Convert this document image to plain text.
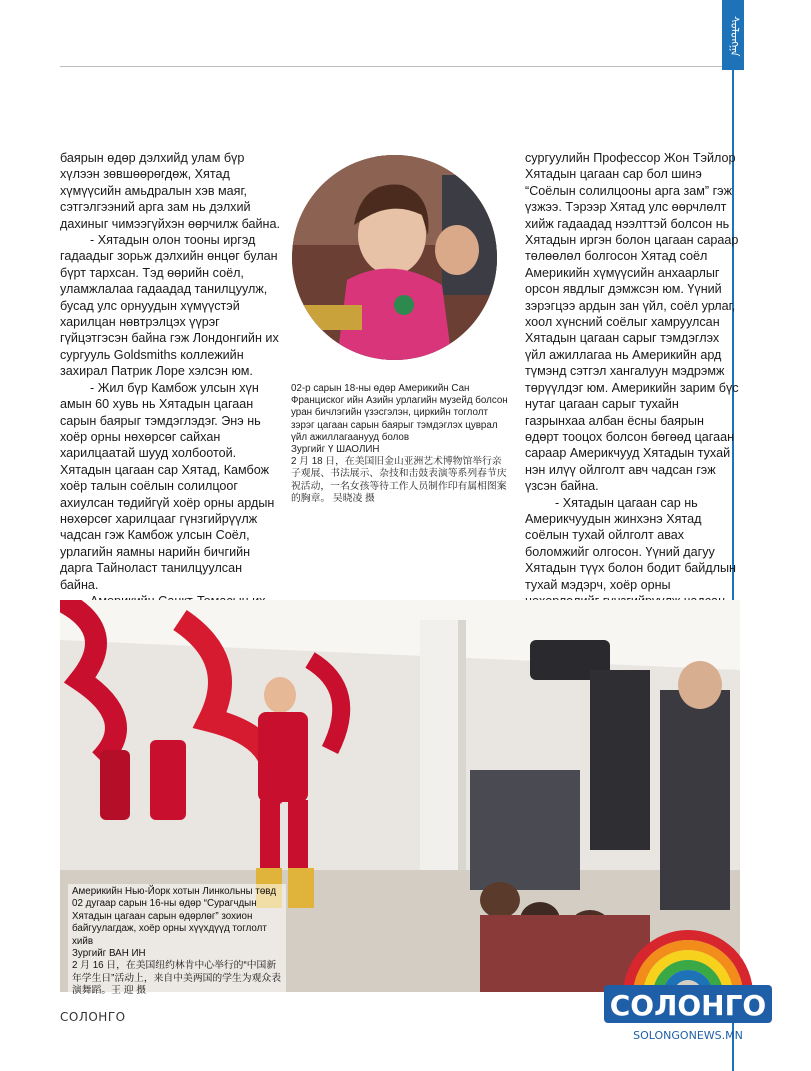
ᠰᠣᠯᠣᠩᠭ᠋ᠠ

баярын өдөр дэлхийд улам бүр хүлээн зөвшөөрөгдөж, Хятад хүмүүсийн амьдралын хэв маяг, сэтгэлгээний арга зам нь дэлхий дахиныг чимээгүйхэн өөрчилж байна.

- Хятадын олон тооны иргэд гадаадыг зорьж дэлхийн өнцөг булан бүрт тархсан. Тэд өөрийн соёл, уламжлалаа гадаадад танилцуулж, бусад улс орнуудын хүмүүстэй харилцан нөвтрэлцэх үүрэг гүйцэтгэсэн байна гэж Лондонгийн их сургууль Goldsmiths коллежийн захирал Патрик Лоре хэлсэн юм.

- Жил бүр Камбож улсын хүн амын 60 хувь нь Хятадын цагаан сарын баярыг тэмдэглэдэг. Энэ нь хоёр орны нөхөрсөг сайхан харилцаатай шууд холбоотой. Хятадын цагаан сар Хятад, Камбож хоёр талын соёлын солилцоог ахиулсан төдийгүй хоёр орны ардын нөхөрсөг харилцааг гүнзгийрүүлж чадсан гэж Камбож улсын Соёл, урлагийн яамны нарийн бичгийн дарга Тайноласт танилцуулсан байна.

02-р сарын 18-ны өдөр Америкийн Сан Франциског ийн Азийн урлагийн музейд болсон уран бичлэгийн үзэсгэлэн, циркийн тоглолт зэрэг цагаан сарын баярыг тэмдэглэх цуврал үйл ажиллагаанууд болов

Зургийг Ү ШАОЛИН

2 月 18 日，在美国旧金山亚洲艺术博物馆举行亲子观展、书法展示、杂技和击鼓表演等系列春节庆祝活动，一名女孩等待工作人员制作印有属相图案的胸章。 吴晓凌 摄

сургуулийн Профессор Жон Тэйлор Хятадын цагаан сар бол шинэ “Соёлын солилцооны арга зам” гэж үзжээ. Тэрээр Хятад улс өөрчлөлт хийж гадаадад нээлттэй болсон нь Хятадын иргэн болон цагаан сараар төлөөлөл болгосон Хятад соёл Америкийн хүмүүсийн анхаарлыг орсон явдлыг дэмжсэн юм. Үүний зэрэгцээ ардын зан үйл, соёл урлаг, хоол хүнсний соёлыг хамруулсан Хятадын цагаан сарыг тэмдэглэх үйл ажиллагаа нь Америкийн ард түмэнд сэтгэл хангалуун мэдрэмж төрүүлдэг юм. Америкийн зарим бүс нутаг цагаан сарыг тухайн газрынхаа албан ёсны баярын өдөрт тооцох болсон бөгөөд цагаан сараар Америкчууд Хятадын тухай нэн илүү ойлголт авч чадсан гэж үзсэн байна.

- Хятадын цагаан сар нь Америкчуудын жинхэнэ Хятад соёлын тухай ойлголт авах боломжийг олгосон. Үүний дагуу Хятадын түүх болон бодит байдлын тухай мэдэрч, хоёр орны

Америкийн Нью-Йорк хотын Линкольны төвд 02 дугаар сарын 16-ны өдөр “Сурагчдын Хятадын цагаан сарын өдөрлөг” зохион байгуулагдаж, хоёр орны хүүхдүүд тоглолт хийв

Зургийг ВАН ИН

2 月 16 日，在美国纽约林肯中心举行的“中国新年学生日”活动上，来自中美两国的学生为观众表演舞蹈。王 迎 摄

СОЛОНГО	СОЛОНГО
SOLONGONEWS.MN
